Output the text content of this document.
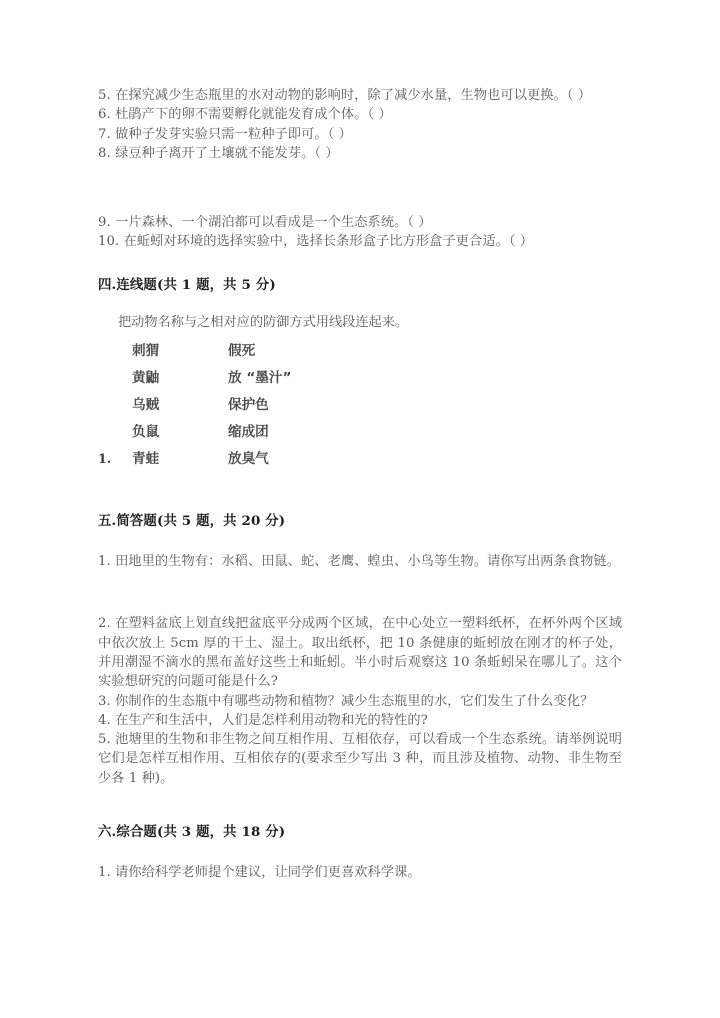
5. 在探究减少生态瓶里的水对动物的影响时，除了减少水量，生物也可以更换。（ ）

6. 杜鹃产下的卵不需要孵化就能发育成个体。（ ）

7. 做种子发芽实验只需一粒种子即可。（ ）

8. 绿豆种子离开了土壤就不能发芽。（ ）

9. 一片森林、一个湖泊都可以看成是一个生态系统。（ ）

10. 在蚯蚓对环境的选择实验中，选择长条形盒子比方形盒子更合适。（ ）

四.连线题(共 1 题，共 5 分)

把动物名称与之相对应的防御方式用线段连起来。

刺猬	假死
黄鼬	放 “墨汁”
乌贼	保护色
负鼠	缩成团
1.	青蛙	放臭气
五.简答题(共 5 题，共 20 分)

1. 田地里的生物有：水稻、田鼠、蛇、老鹰、蝗虫、小鸟等生物。请你写出两条食物链。

2. 在塑料盆底上划直线把盆底平分成两个区域，在中心处立一塑料纸杯，在杯外两个区域中依次放上 5cm 厚的干土、湿土。取出纸杯，把 10 条健康的蚯蚓放在刚才的杯子处，并用潮湿不滴水的黑布盖好这些土和蚯蚓。半小时后观察这 10 条蚯蚓呆在哪儿了。这个实验想研究的问题可能是什么?

3. 你制作的生态瓶中有哪些动物和植物？减少生态瓶里的水，它们发生了什么变化？

4. 在生产和生活中，人们是怎样利用动物和光的特性的?

5. 池塘里的生物和非生物之间互相作用、互相依存，可以看成一个生态系统。请举例说明它们是怎样互相作用、互相依存的(要求至少写出 3 种，而且涉及植物、动物、非生物至少各 1 种)。

六.综合题(共 3 题，共 18 分)

1. 请你给科学老师提个建议，让同学们更喜欢科学课。
